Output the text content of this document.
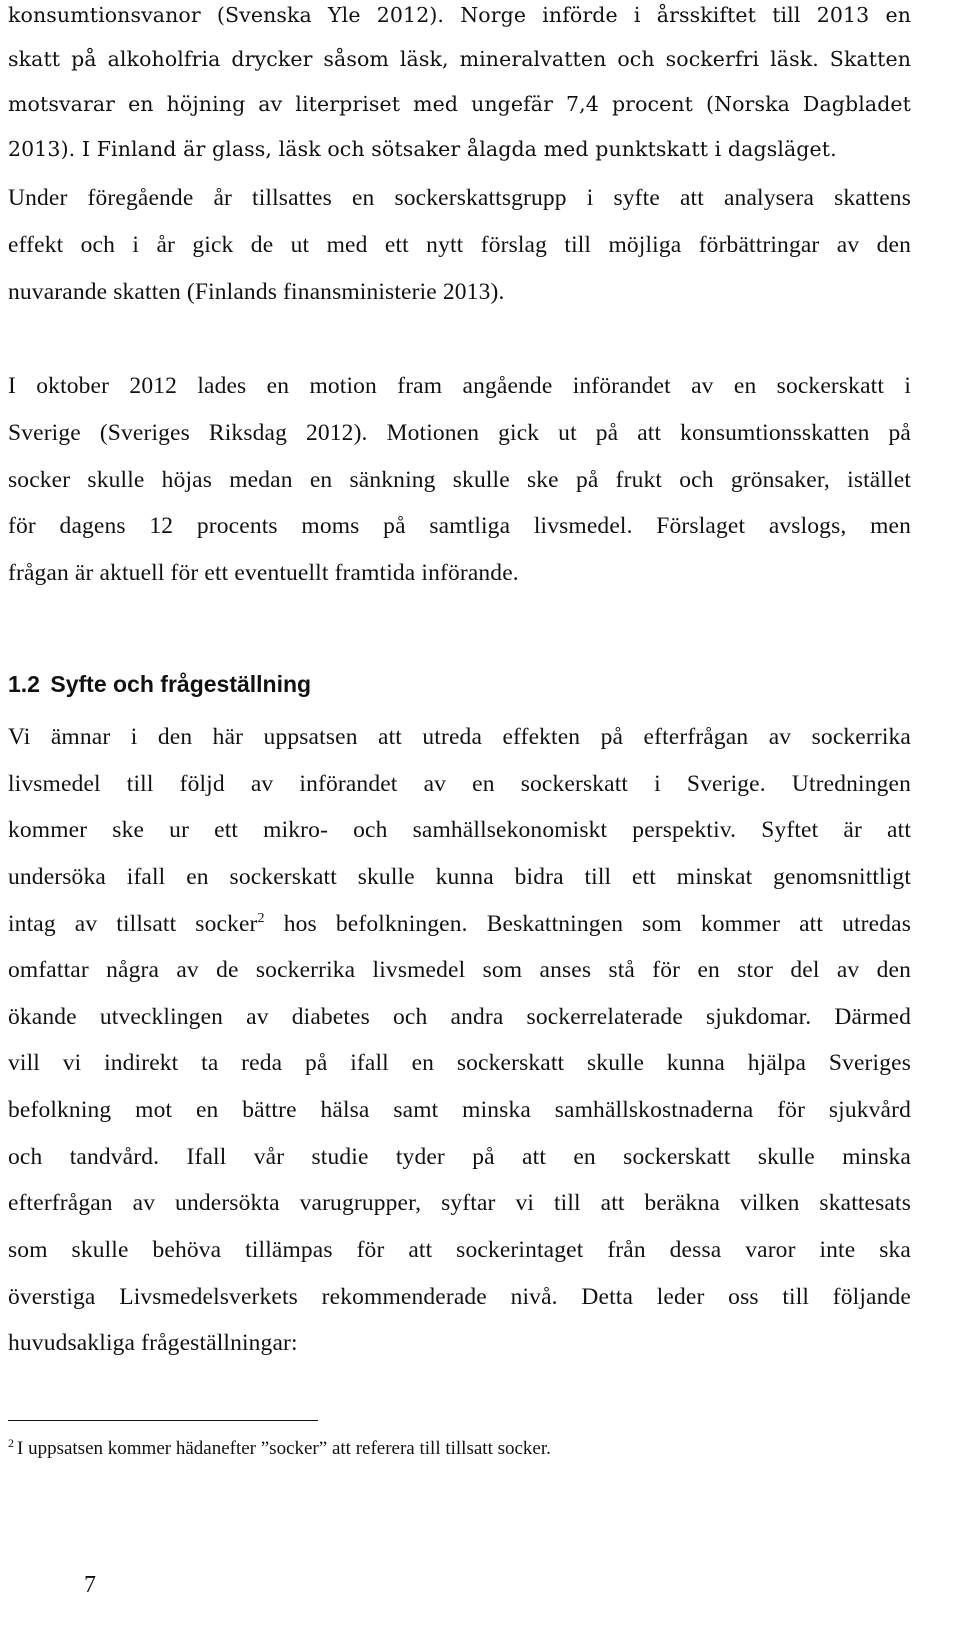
konsumtionsvanor (Svenska Yle 2012). Norge införde i årsskiftet till 2013 en
skatt på alkoholfria drycker såsom läsk, mineralvatten och sockerfri läsk. Skatten
motsvarar en höjning av literpriset med ungefär 7,4 procent (Norska Dagbladet
2013). I Finland är glass, läsk och sötsaker ålagda med punktskatt i dagsläget.
Under föregående år tillsattes en sockerskattsgrupp i syfte att analysera skattens
effekt och i år gick de ut med ett nytt förslag till möjliga förbättringar av den
nuvarande skatten (Finlands finansministerie 2013).
I oktober 2012 lades en motion fram angående införandet av en sockerskatt i
Sverige (Sveriges Riksdag 2012). Motionen gick ut på att konsumtionsskatten på
socker skulle höjas medan en sänkning skulle ske på frukt och grönsaker, istället
för dagens 12 procents moms på samtliga livsmedel. Förslaget avslogs, men
frågan är aktuell för ett eventuellt framtida införande.
1.2 Syfte och frågeställning
Vi ämnar i den här uppsatsen att utreda effekten på efterfrågan av sockerrika
livsmedel till följd av införandet av en sockerskatt i Sverige. Utredningen
kommer ske ur ett mikro- och samhällsekonomiskt perspektiv. Syftet är att
undersöka ifall en sockerskatt skulle kunna bidra till ett minskat genomsnittligt
intag av tillsatt socker$^2$ hos befolkningen. Beskattningen som kommer att utredas
omfattar några av de sockerrika livsmedel som anses stå för en stor del av den
ökande utvecklingen av diabetes och andra sockerrelaterade sjukdomar. Därmed
vill vi indirekt ta reda på ifall en sockerskatt skulle kunna hjälpa Sveriges
befolkning mot en bättre hälsa samt minska samhällskostnaderna för sjukvård
och tandvård. Ifall vår studie tyder på att en sockerskatt skulle minska
efterfrågan av undersökta varugrupper, syftar vi till att beräkna vilken skattesats
som skulle behöva tillämpas för att sockerintaget från dessa varor inte ska
överstiga Livsmedelsverkets rekommenderade nivå. Detta leder oss till följande
huvudsakliga frågeställningar:
$^2$ I uppsatsen kommer hädanefter ”socker” att referera till tillsatt socker.
7
